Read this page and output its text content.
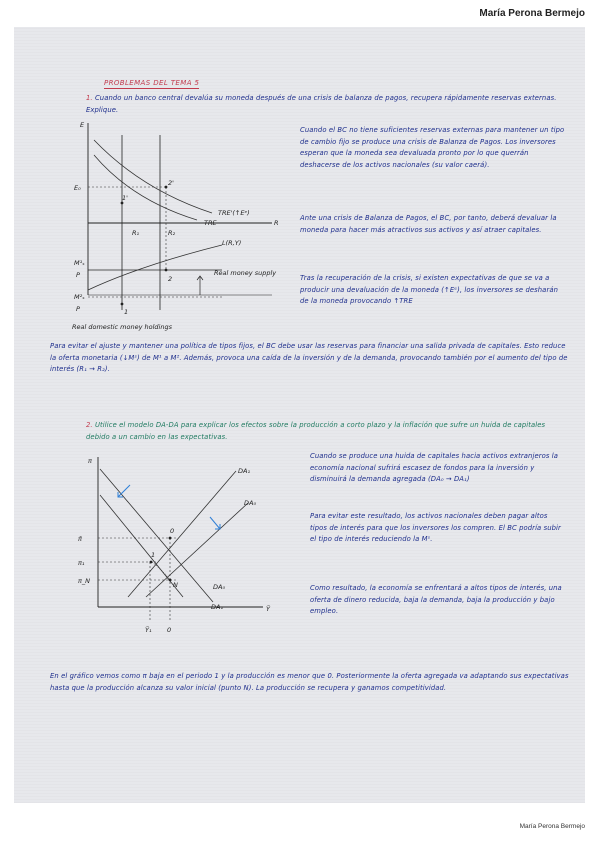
María Perona Bermejo
PROBLEMAS DEL TEMA 5
1. Cuando un banco central devalúa su moneda después de una crisis de balanza de pagos, recupera rápidamente reservas externas. Explique.
E
R
E₀
1'
2'
TRE'(↑Eᵉ)
TRE
R₁	R₂
L(R,Y)
M¹ₛ
P
M²ₛ
P
2
1
Real money supply
Real domestic money holdings
Cuando el BC no tiene suficientes reservas externas para mantener un tipo de cambio fijo se produce una crisis de Balanza de Pagos. Los inversores esperan que la moneda sea devaluada pronto por lo que querrán deshacerse de los activos nacionales (su valor caerá).
Ante una crisis de Balanza de Pagos, el BC, por tanto, deberá devaluar la moneda para hacer más atractivos sus activos y así atraer capitales.
Tras la recuperación de la crisis, si existen expectativas de que se va a producir una devaluación de la moneda (↑Eᵉ), los inversores se desharán de la moneda provocando ↑TRE
Para evitar el ajuste y mantener una política de tipos fijos, el BC debe usar las reservas para financiar una salida privada de capitales. Esto reduce la oferta monetaria (↓Mˢ) de M¹ a M². Además, provoca una caída de la inversión y de la demanda, provocando también por el aumento del tipo de interés (R₁ → R₂).
2. Utilice el modelo DA-DA para explicar los efectos sobre la producción a corto plazo y la inflación que sufre un huida de capitales debido a un cambio en las expectativas.
π
Ỹ
DA₁
DA₀
DA₀
DA₁
π̄
π₁
π_N
Ỹ₁ 0
0
1
N
Cuando se produce una huida de capitales hacia activos extranjeros la economía nacional sufrirá escasez de fondos para la inversión y disminuirá la demanda agregada (DA₀ → DA₁)
Para evitar este resultado, los activos nacionales deben pagar altos tipos de interés para que los inversores los compren. El BC podría subir el tipo de interés reduciendo la Mˢ.
Como resultado, la economía se enfrentará a altos tipos de interés, una oferta de dinero reducida, baja la demanda, baja la producción y bajo empleo.
En el gráfico vemos como π baja en el periodo 1 y la producción es menor que 0. Posteriormente la oferta agregada va adaptando sus expectativas hasta que la producción alcanza su valor inicial (punto N). La producción se recupera y ganamos competitividad.
María Perona Bermejo
